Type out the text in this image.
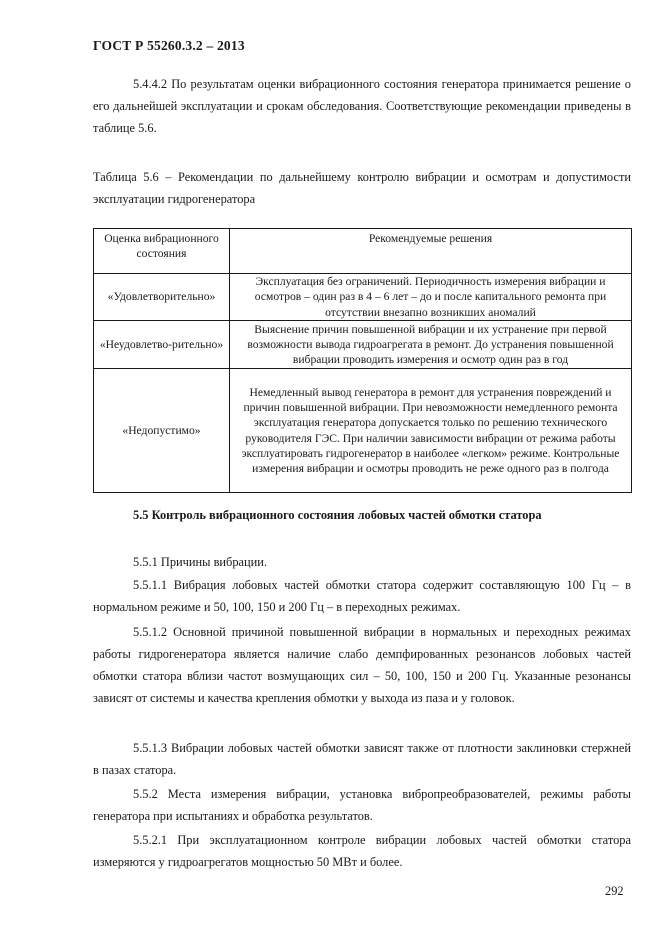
ГОСТ Р 55260.3.2 – 2013

5.4.4.2 По результатам оценки вибрационного состояния генератора принимается решение о его дальнейшей эксплуатации и срокам обследования. Соответствующие рекомендации приведены в таблице 5.6.

Таблица 5.6 – Рекомендации по дальнейшему контролю вибрации и осмотрам и допустимости эксплуатации гидрогенератора

Оценка вибрационного состояния	Рекомендуемые решения
«Удовлетворительно»	Эксплуатация без ограничений. Периодичность измерения вибрации и осмотров – один раз в 4 – 6 лет – до и после капитального ремонта при отсутствии внезапно возникших аномалий
«Неудовлетво-рительно»	Выяснение причин повышенной вибрации и их устранение при первой возможности вывода гидроагрегата в ремонт. До устранения повышенной вибрации проводить измерения и осмотр один раз в год
«Недопустимо»	Немедленный вывод генератора в ремонт для устранения повреждений и причин повышенной вибрации. При невозможности немедленного ремонта эксплуатация генератора допускается только по решению технического руководителя ГЭС. При наличии зависимости вибрации от режима работы эксплуатировать гидрогенератор в наиболее «легком» режиме. Контрольные измерения вибрации и осмотры проводить не реже одного раз в полгода
5.5 Контроль вибрационного состояния лобовых частей обмотки статора

5.5.1 Причины вибрации.

5.5.1.1 Вибрация лобовых частей обмотки статора содержит составляющую 100 Гц – в нормальном режиме и 50, 100, 150 и 200 Гц – в переходных режимах.

5.5.1.2 Основной причиной повышенной вибрации в нормальных и переходных режимах работы гидрогенератора является наличие слабо демпфированных резонансов лобовых частей обмотки статора вблизи частот возмущающих сил – 50, 100, 150 и 200 Гц. Указанные резонансы зависят от системы и качества крепления обмотки у выхода из паза и у головок.

5.5.1.3 Вибрации лобовых частей обмотки зависят также от плотности заклиновки стержней в пазах статора.

5.5.2 Места измерения вибрации, установка вибропреобразователей, режимы работы генератора при испытаниях и обработка результатов.

5.5.2.1 При эксплуатационном контроле вибрации лобовых частей обмотки статора измеряются у гидроагрегатов мощностью 50 МВт и более.

292
